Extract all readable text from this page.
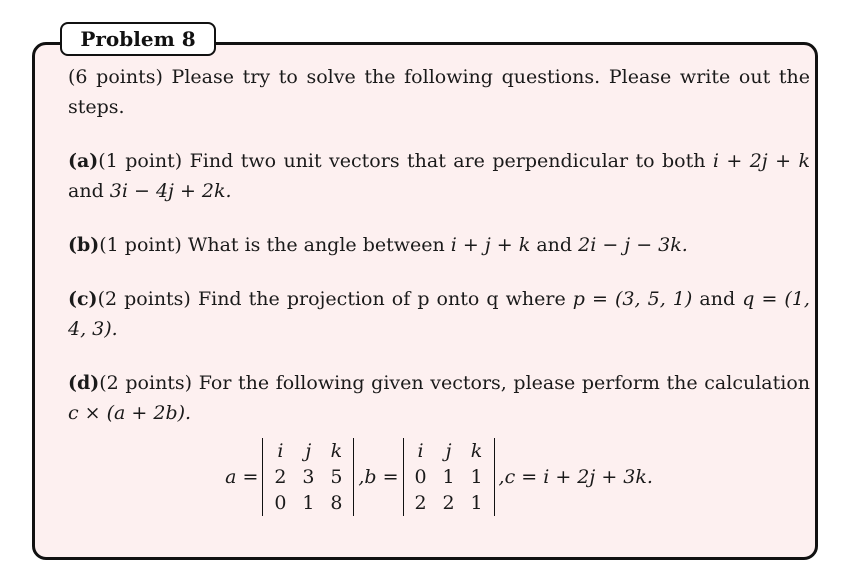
Problem 8

(6 points) Please try to solve the following questions. Please write out the steps.

(a)(1 point) Find two unit vectors that are perpendicular to both i + 2j + k and 3i − 4j + 2k.

(b)(1 point) What is the angle between i + j + k and 2i − j − 3k.

(c)(2 points) Find the projection of p onto q where p = (3, 5, 1) and q = (1, 4, 3).

(d)(2 points) For the following given vectors, please perform the calculation c × (a + 2b).

a =
i	j	k
2 3 5
0 1 8
,b =
i	j	k
0 1 1
2 2 1
,c = i + 2j + 3k.
